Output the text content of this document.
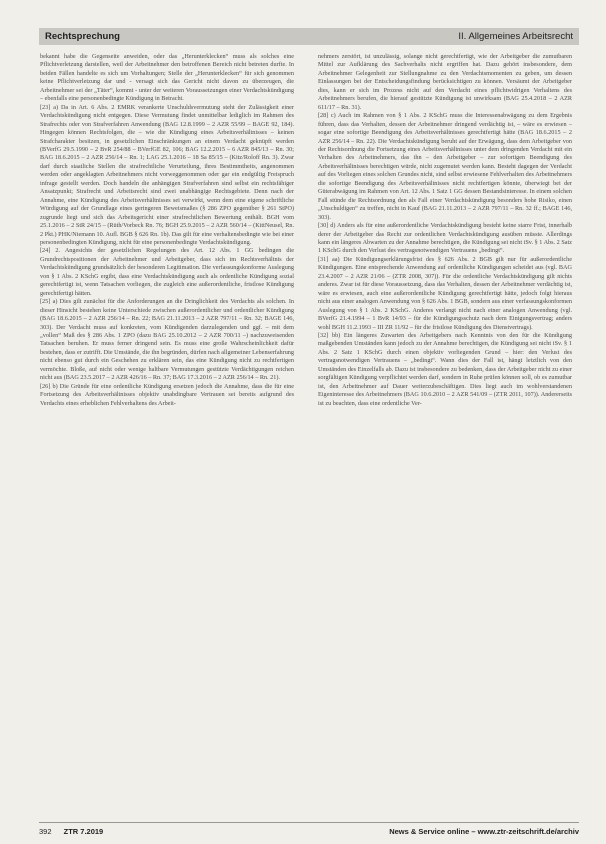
Rechtsprechung	II. Allgemeines Arbeitsrecht

bekannt habe die Gegenseite anweiden, oder das „Herunterklecken“ muss als solches eine Pflichtverletzung darstellen, weil der Arbeitnehmer den betroffenen Bereich nicht betreten durfte. In beiden Fällen handelte es sich um Vorhaltungen; Stelle der „Herunterklecken“ für sich genommen keine Pflichtverletzung dar und - versagt sich das Gericht nicht davon zu überzeugen, die Arbeitnehmer sei der „Täter“, kommt - unter der weiteren Voraussetzungen einer Verdachtskündigung – ebenfalls eine personenbedingte Kündigung in Betracht.

[23] a) Da in Art. 6 Abs. 2 EMRK verankerte Unschuldsvermutung steht der Zulässigkeit einer Verdachtskündigung nicht entgegen. Diese Vermutung findet unmittelbar lediglich im Rahmen des Strafrechts oder von Strafverfahren Anwendung (BAG 12.8.1999 – 2 AZR 55/99 – BAGE 92, 184). Hingegen können Rechtsfolgen, die – wie die Kündigung eines Arbeitsverhältnisses – keinen Strafcharakter besitzen, in gesetzlichen Einschränkungen an einem Verdacht geknüpft werden (BVerfG 29.5.1990 – 2 BvR 254/88 – BVerfGE 82, 106; BAG 12.2.2015 – 6 AZR 845/13 – Rn. 30; BAG 18.6.2015 – 2 AZR 256/14 – Rn. 1; LAG 25.1.2016 – 18 Sa 85/15 – (Kitz/Roloff Rn. 3). Zwar darf durch staatliche Stellen die strafrechtliche Verurteilung, ihres Bestimmtheits, angenommen werden oder angeklagten Arbeitnehmers nicht vorweggenommen oder gar ein endgültig Freispruch infrage gestellt werden. Doch handeln die anhängigen Strafverfahren sind selbst ein rechtsfähiger Ansatzpunkt; Strafrecht und Arbeitsrecht sind zwei unabhängige Rechtsgebiete. Denn nach der Annahme, eine Kündigung des Arbeitsverhältnisses sei verwirkt, wenn dem eine eigene schriftliche Würdigung auf der Grundlage eines geringeren Beweismaßes (§ 286 ZPO gegenüber § 261 StPO) zugrunde liegt und sich das Arbeitsgericht einer strafrechtlichen Bewertung enthält. BGH vom 25.1.2016 – 2 StR 24/15 – (Rüth/Vorbeck Rn. 76; BGH 25.9.2015 – 2 AZR 560/14 – (KittNeusel, Rn. 2 Pkt.) PHK/Niemann 10. Aufl. BGB § 626 Rn. 1b). Das gilt für eine verhaltensbedingte wie bei einer personenbedingten Kündigung, nicht für eine personenbedingte Verdachtskündigung.

[24] 2. Angesichts der gesetzlichen Regelungen des Art. 12 Abs. 1 GG bedingen die Grundrechtspositionen der Arbeitnehmer und Arbeitgeber, dass sich im Rechtsverhältnis der Verdachtskündigung grundsätzlich der besonderen Legitimation. Die verfassungskonforme Auslegung von § 1 Abs. 2 KSchG ergibt, dass eine Verdachtskündigung auch als ordentliche Kündigung sozial gerechtfertigt ist, wenn Tatsachen vorliegen, die zugleich eine außerordentliche, fristlose Kündigung gerechtfertigt hätten.

[25] a) Dies gilt zunächst für die Anforderungen an die Dringlichkeit des Verdachts als solchen. In dieser Hinsicht bestehen keine Unterschiede zwischen außerordentlicher und ordentlicher Kündigung (BAG 18.6.2015 – 2 AZR 256/14 – Rn. 22; BAG 21.11.2013 – 2 AZR 797/11 – Rn. 32; BAGE 146, 303). Der Verdacht muss auf konkreten, vom Kündigenden darzulegenden und ggf. – mit dem „vollen“ Maß des § 286 Abs. 1 ZPO (dazu BAG 25.10.2012 – 2 AZR 700/11 –) nachzuweisenden Tatsachen beruhen. Er muss ferner dringend sein. Es muss eine große Wahrscheinlichkeit dafür bestehen, dass er zutrifft. Die Umstände, die ihn begründen, dürfen nach allgemeiner Lebenserfahrung nicht ebenso gut durch ein Geschehen zu erklären sein, das eine Kündigung nicht zu rechtfertigen vermöchte. Bloße, auf nicht oder wenige haltbare Vermutungen gestützte Verdächtigungen reichen nicht aus (BAG 23.5.2017 – 2 AZR 426/16 – Rn. 37; BAG 17.3.2016 – 2 AZR 256/14 – Rn. 21).

[26] b) Die Gründe für eine ordentliche Kündigung ersetzen jedoch die Annahme, dass die für eine Fortsetzung des Arbeitsverhältnisses objektiv unabdingbare Vertrauen sei bereits aufgrund des Verdachts eines erheblichen Fehlverhaltens des Arbeit-

nehmers zerstört, ist unzulässig, solange nicht gerechtfertigt, wie der Arbeitgeber die zumutbaren Mittel zur Aufklärung des Sachverhalts nicht ergriffen hat. Dazu gehört insbesondere, dem Arbeitnehmer Gelegenheit zur Stellungnahme zu den Verdachtsmomenten zu geben, um dessen Einlassungen bei der Entscheidungsfindung berücksichtigen zu können. Versäumt der Arbeitgeber dies, kann er sich im Prozess nicht auf den Verdacht eines pflichtwidrigen Verhaltens des Arbeitnehmers berufen, die hierauf gestützte Kündigung ist unwirksam (BAG 25.4.2018 – 2 AZR 611/17 – Rn. 31).

[28] c) Auch im Rahmen von § 1 Abs. 2 KSchG muss die Interessenabwägung zu dem Ergebnis führen, dass das Verhalten, dessen der Arbeitnehmer dringend verdächtig ist, – wäre es erwiesen – sogar eine sofortige Beendigung des Arbeitsverhältnisses gerechtfertigt hätte (BAG 18.6.2015 – 2 AZR 256/14 – Rn. 22). Die Verdachtskündigung beruht auf der Erwägung, dass dem Arbeitgeber von der Rechtsordnung die Fortsetzung eines Arbeitsverhältnisses unter dem dringenden Verdacht mit ein Verhalten des Arbeitnehmers, das ihn – den Arbeitgeber – zur sofortigen Beendigung des Arbeitsverhältnisses berechtigen würde, nicht zugemutet werden kann. Besteht dagegen der Verdacht auf des Vorliegen eines solchen Grundes nicht, sind selbst erwiesene Fehlverhalten des Arbeitnehmers die sofortige Beendigung des Arbeitsverhältnisses nicht rechtfertigen könnte, überwiegt bei der Güterabwägung im Rahmen von Art. 12 Abs. 1 Satz 1 GG dessen Bestandsinteresse. In einem solchen Fall stünde die Rechtsordnung den als Fall einer Verdachtskündigung besonders hohe Risiko, einen „Unschuldigen“ zu treffen, nicht in Kauf (BAG 21.11.2013 – 2 AZR 797/11 – Rn. 32 ff.; BAGE 146, 303).

[30] d) Anders als für eine außerordentliche Verdachtskündigung besteht keine starre Frist, innerhalb derer der Arbeitgeber das Recht zur ordentlichen Verdachtskündigung ausüben müsste. Allerdings kann ein längeres Abwarten zu der Annahme berechtigen, die Kündigung sei nicht iSv. § 1 Abs. 2 Satz 1 KSchG durch den Verlust des vertragsnotwendigen Vertrauens „bedingt“.

[31] aa) Die Kündigungserklärungsfrist des § 626 Abs. 2 BGB gilt nur für außerordentliche Kündigungen. Eine entsprechende Anwendung auf ordentliche Kündigungen scheidet aus (vgl. BAG 23.4.2007 – 2 AZR 21/06 – (ZTR 2008, 307)). Für die ordentliche Verdachtskündigung gilt nichts anderes. Zwar ist für diese Voraussetzung, dass das Verhalten, dessen der Arbeitnehmer verdächtig ist, wäre es erwiesen, auch eine außerordentliche Kündigung gerechtfertigt hätte, jedoch folgt hieraus nicht aus einer analogen Anwendung von § 626 Abs. 1 BGB, sondern aus einer verfassungskonformen Auslegung von § 1 Abs. 2 KSchG. Anderes verlangt nicht nach einer analogen Anwendung (vgl. BVerfG 21.4.1994 – 1 BvR 14/93 – für die Kündigungsschutz nach dem Einigungsvertrag; anders wohl BGH 11.2.1993 – III ZR 11/92 – für die fristlose Kündigung des Dienstvertrags).

[32] bb) Ein längeres Zuwarten des Arbeitgebers nach Kenntnis von den für die Kündigung maßgebenden Umständen kann jedoch zu der Annahme berechtigen, die Kündigung sei nicht iSv. § 1 Abs. 2 Satz 1 KSchG durch einen objektiv vorliegenden Grund – hier: den Verlust des vertragsnotwendigen Vertrauens – „bedingt“. Wann dies der Fall ist, hängt letztlich von den Umständen des Einzelfalls ab. Dazu ist insbesondere zu bedenken, dass der Arbeitgeber nicht zu einer sorgfältigen Kündigung verpflichtet werden darf, sondern in Ruhe prüfen können soll, ob es zumutbar ist, den Arbeitnehmer auf Dauer weiterzubeschäftigen. Dies liegt auch im wohlverstandenen Eigeninteresse des Arbeitnehmers (BAG 10.6.2010 – 2 AZR 541/09 – (ZTR 2011, 107)). Andererseits ist zu beachten, dass eine ordentliche Ver-

392 ZTR 7.2019	News & Service online – www.ztr-zeitschrift.de/archiv
